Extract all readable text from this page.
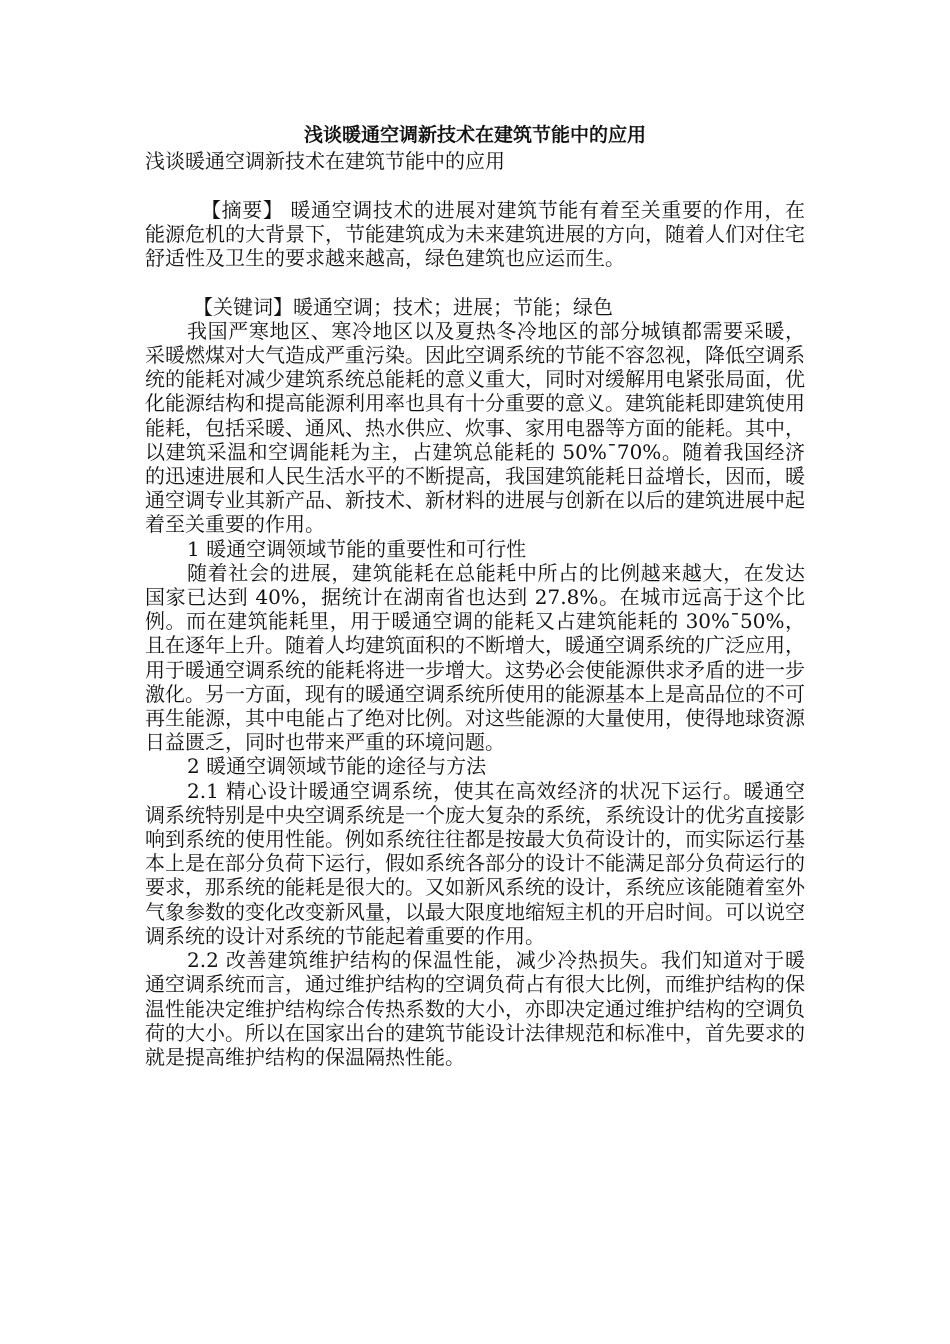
浅谈暖通空调新技术在建筑节能中的应用
浅谈暖通空调新技术在建筑节能中的应用

【摘要】 暖通空调技术的进展对建筑节能有着至关重要的作用，在能源危机的大背景下，节能建筑成为未来建筑进展的方向，随着人们对住宅舒适性及卫生的要求越来越高，绿色建筑也应运而生。

【关键词】暖通空调；技术；进展；节能；绿色

我国严寒地区、寒冷地区以及夏热冬冷地区的部分城镇都需要采暖，采暖燃煤对大气造成严重污染。因此空调系统的节能不容忽视，降低空调系统的能耗对减少建筑系统总能耗的意义重大，同时对缓解用电紧张局面，优化能源结构和提高能源利用率也具有十分重要的意义。建筑能耗即建筑使用能耗，包括采暖、通风、热水供应、炊事、家用电器等方面的能耗。其中，以建筑采温和空调能耗为主，占建筑总能耗的 50%¯70%。随着我国经济的迅速进展和人民生活水平的不断提高，我国建筑能耗日益增长，因而，暖通空调专业其新产品、新技术、新材料的进展与创新在以后的建筑进展中起着至关重要的作用。

1 暖通空调领域节能的重要性和可行性

随着社会的进展，建筑能耗在总能耗中所占的比例越来越大，在发达国家已达到 40%，据统计在湖南省也达到 27.8%。在城市远高于这个比例。而在建筑能耗里，用于暖通空调的能耗又占建筑能耗的 30%¯50%，且在逐年上升。随着人均建筑面积的不断增大，暖通空调系统的广泛应用，用于暖通空调系统的能耗将进一步增大。这势必会使能源供求矛盾的进一步激化。另一方面，现有的暖通空调系统所使用的能源基本上是高品位的不可再生能源，其中电能占了绝对比例。对这些能源的大量使用，使得地球资源日益匮乏，同时也带来严重的环境问题。

2 暖通空调领域节能的途径与方法

2.1 精心设计暖通空调系统，使其在高效经济的状况下运行。暖通空调系统特别是中央空调系统是一个庞大复杂的系统，系统设计的优劣直接影响到系统的使用性能。例如系统往往都是按最大负荷设计的，而实际运行基本上是在部分负荷下运行，假如系统各部分的设计不能满足部分负荷运行的要求，那系统的能耗是很大的。又如新风系统的设计，系统应该能随着室外气象参数的变化改变新风量，以最大限度地缩短主机的开启时间。可以说空调系统的设计对系统的节能起着重要的作用。

2.2 改善建筑维护结构的保温性能，减少冷热损失。我们知道对于暖通空调系统而言，通过维护结构的空调负荷占有很大比例，而维护结构的保温性能决定维护结构综合传热系数的大小，亦即决定通过维护结构的空调负荷的大小。所以在国家出台的建筑节能设计法律规范和标准中，首先要求的就是提高维护结构的保温隔热性能。
